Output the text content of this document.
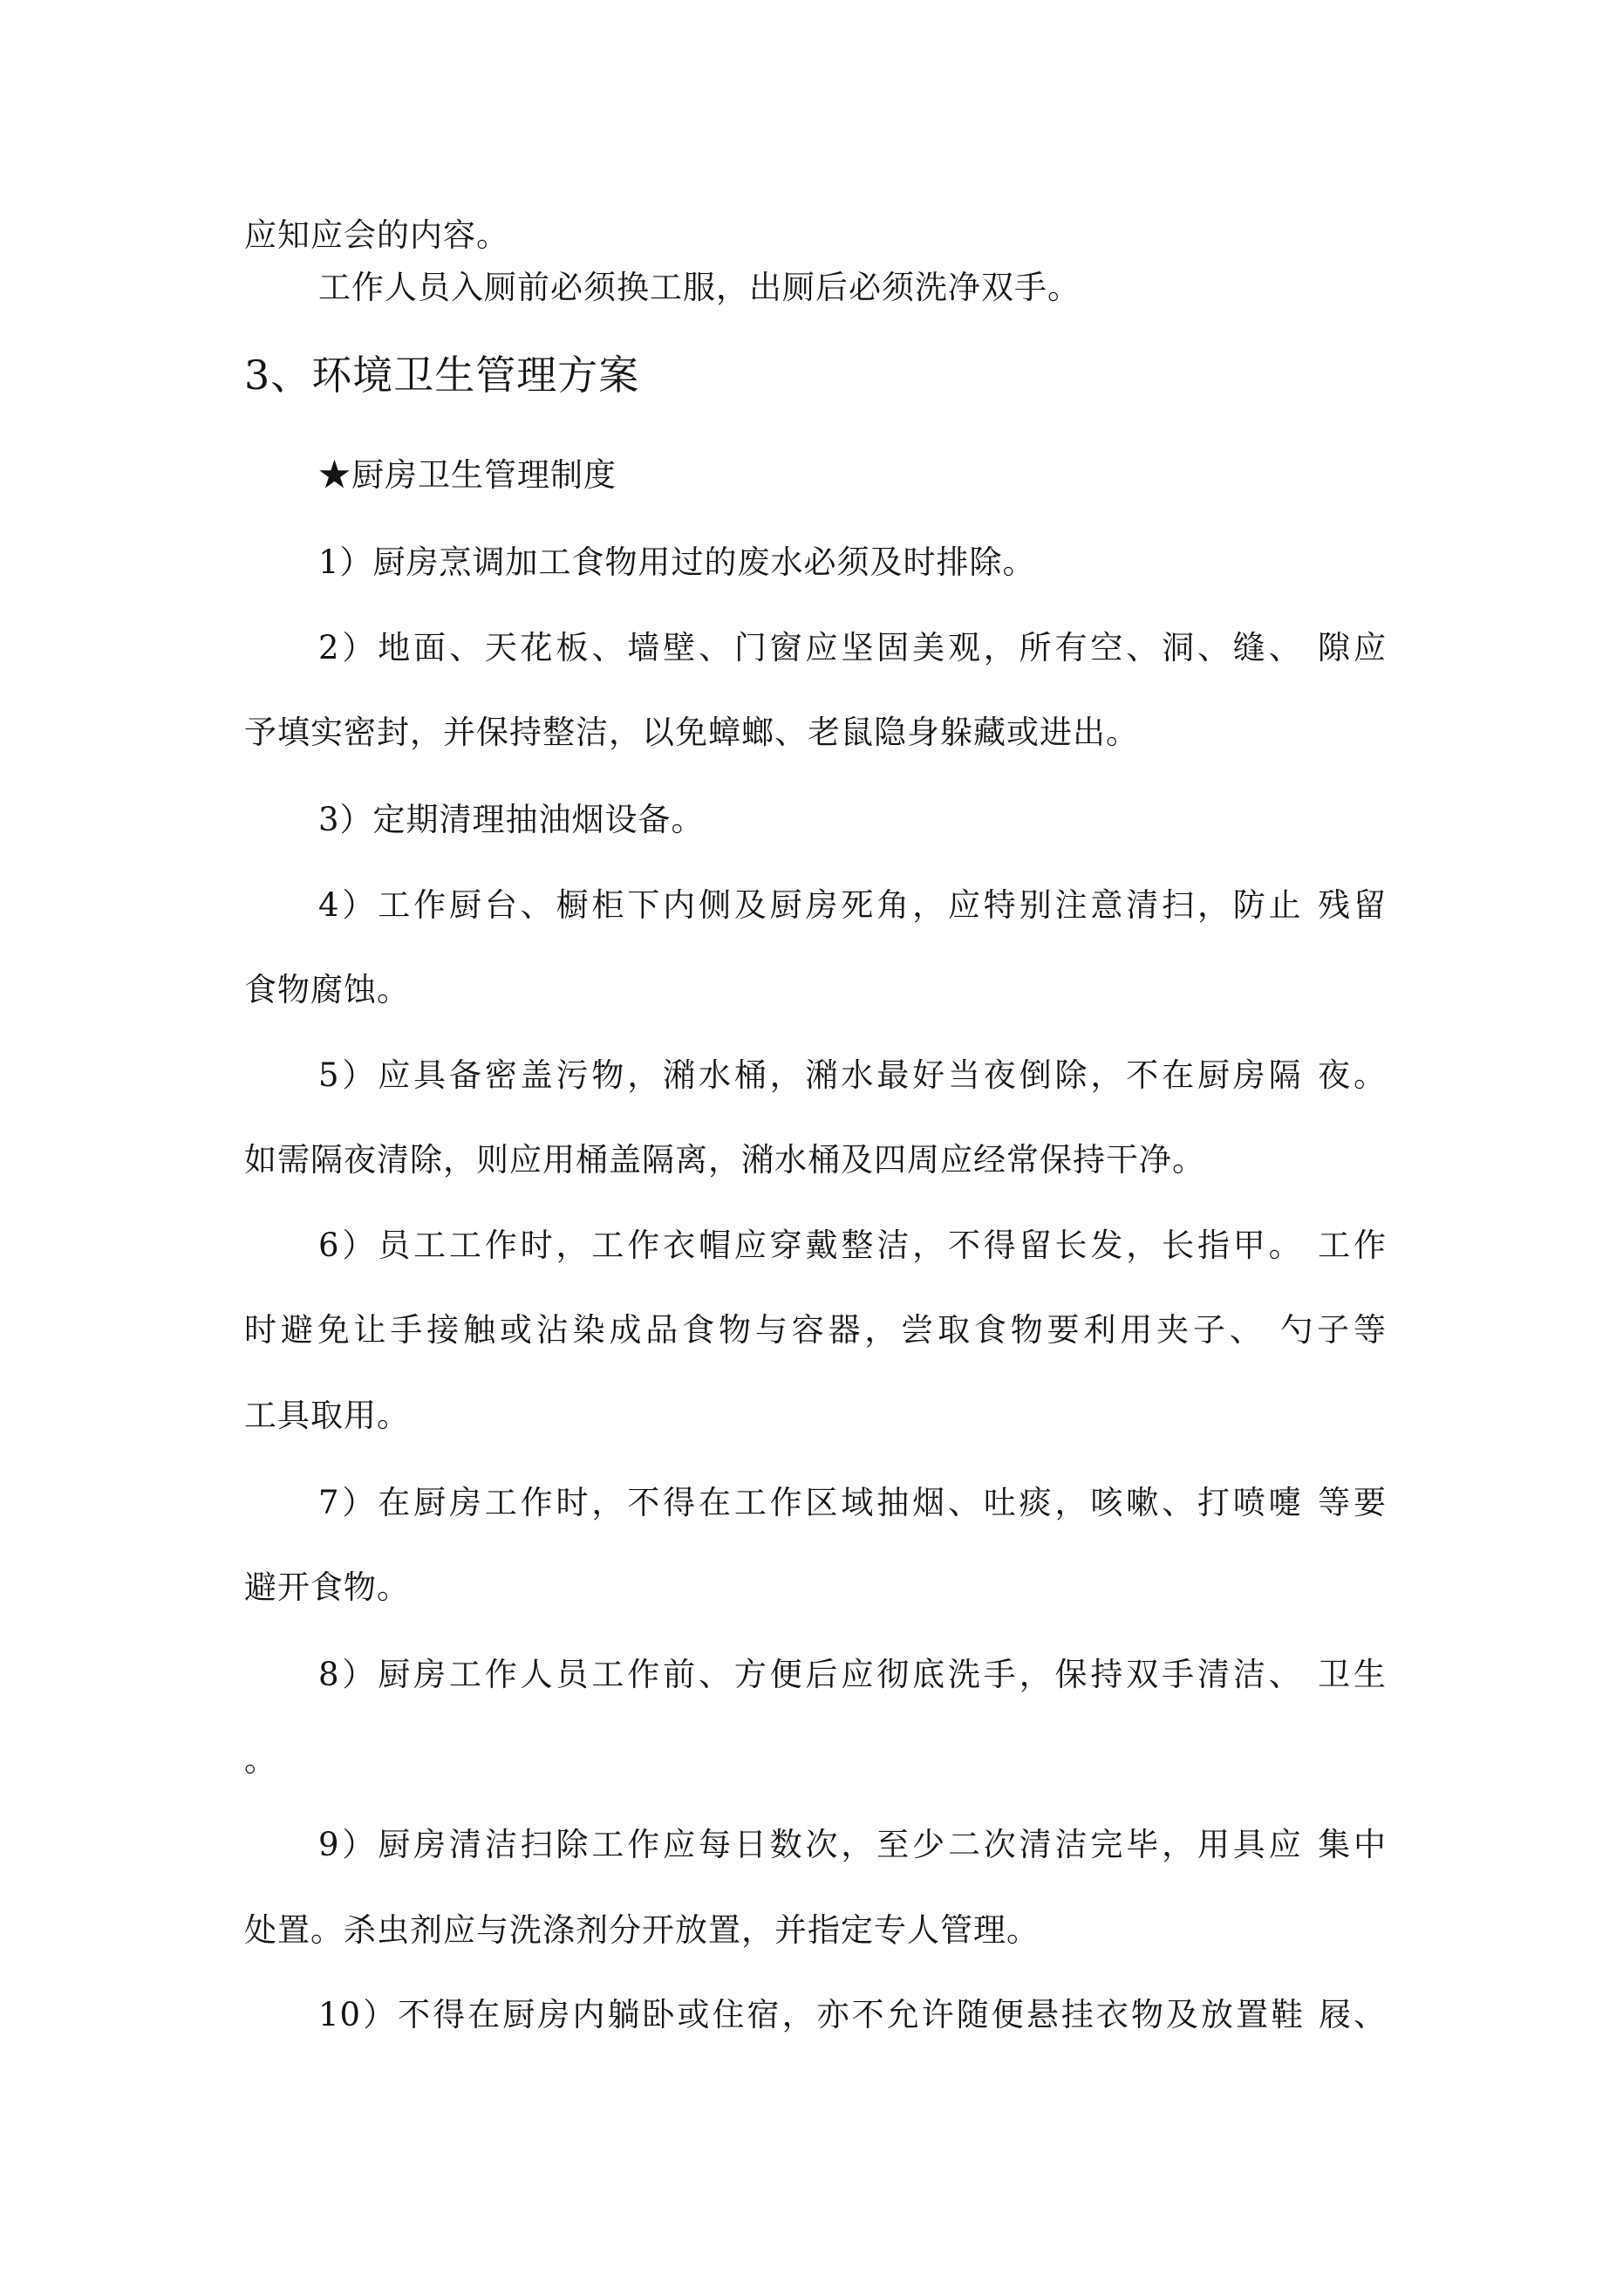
应知应会的内容。
工作人员入厕前必须换工服，出厕后必须洗净双手。
3、环境卫生管理方案
★厨房卫生管理制度
1）厨房烹调加工食物用过的废水必须及时排除。
2）地面、天花板、墙壁、门窗应坚固美观，所有空、洞、缝、 隙应
予填实密封，并保持整洁，以免蟑螂、老鼠隐身躲藏或进出。
3）定期清理抽油烟设备。
4）工作厨台、橱柜下内侧及厨房死角，应特别注意清扫，防止 残留
食物腐蚀。
5）应具备密盖污物，潲水桶，潲水最好当夜倒除，不在厨房隔 夜。
如需隔夜清除，则应用桶盖隔离，潲水桶及四周应经常保持干净。
6）员工工作时，工作衣帽应穿戴整洁，不得留长发，长指甲。 工作
时避免让手接触或沾染成品食物与容器，尝取食物要利用夹子、 勺子等
工具取用。
7）在厨房工作时，不得在工作区域抽烟、吐痰，咳嗽、打喷嚏 等要
避开食物。
8）厨房工作人员工作前、方便后应彻底洗手，保持双手清洁、 卫生
。
9）厨房清洁扫除工作应每日数次，至少二次清洁完毕，用具应 集中
处置。杀虫剂应与洗涤剂分开放置，并指定专人管理。
10）不得在厨房内躺卧或住宿，亦不允许随便悬挂衣物及放置鞋 屐、
